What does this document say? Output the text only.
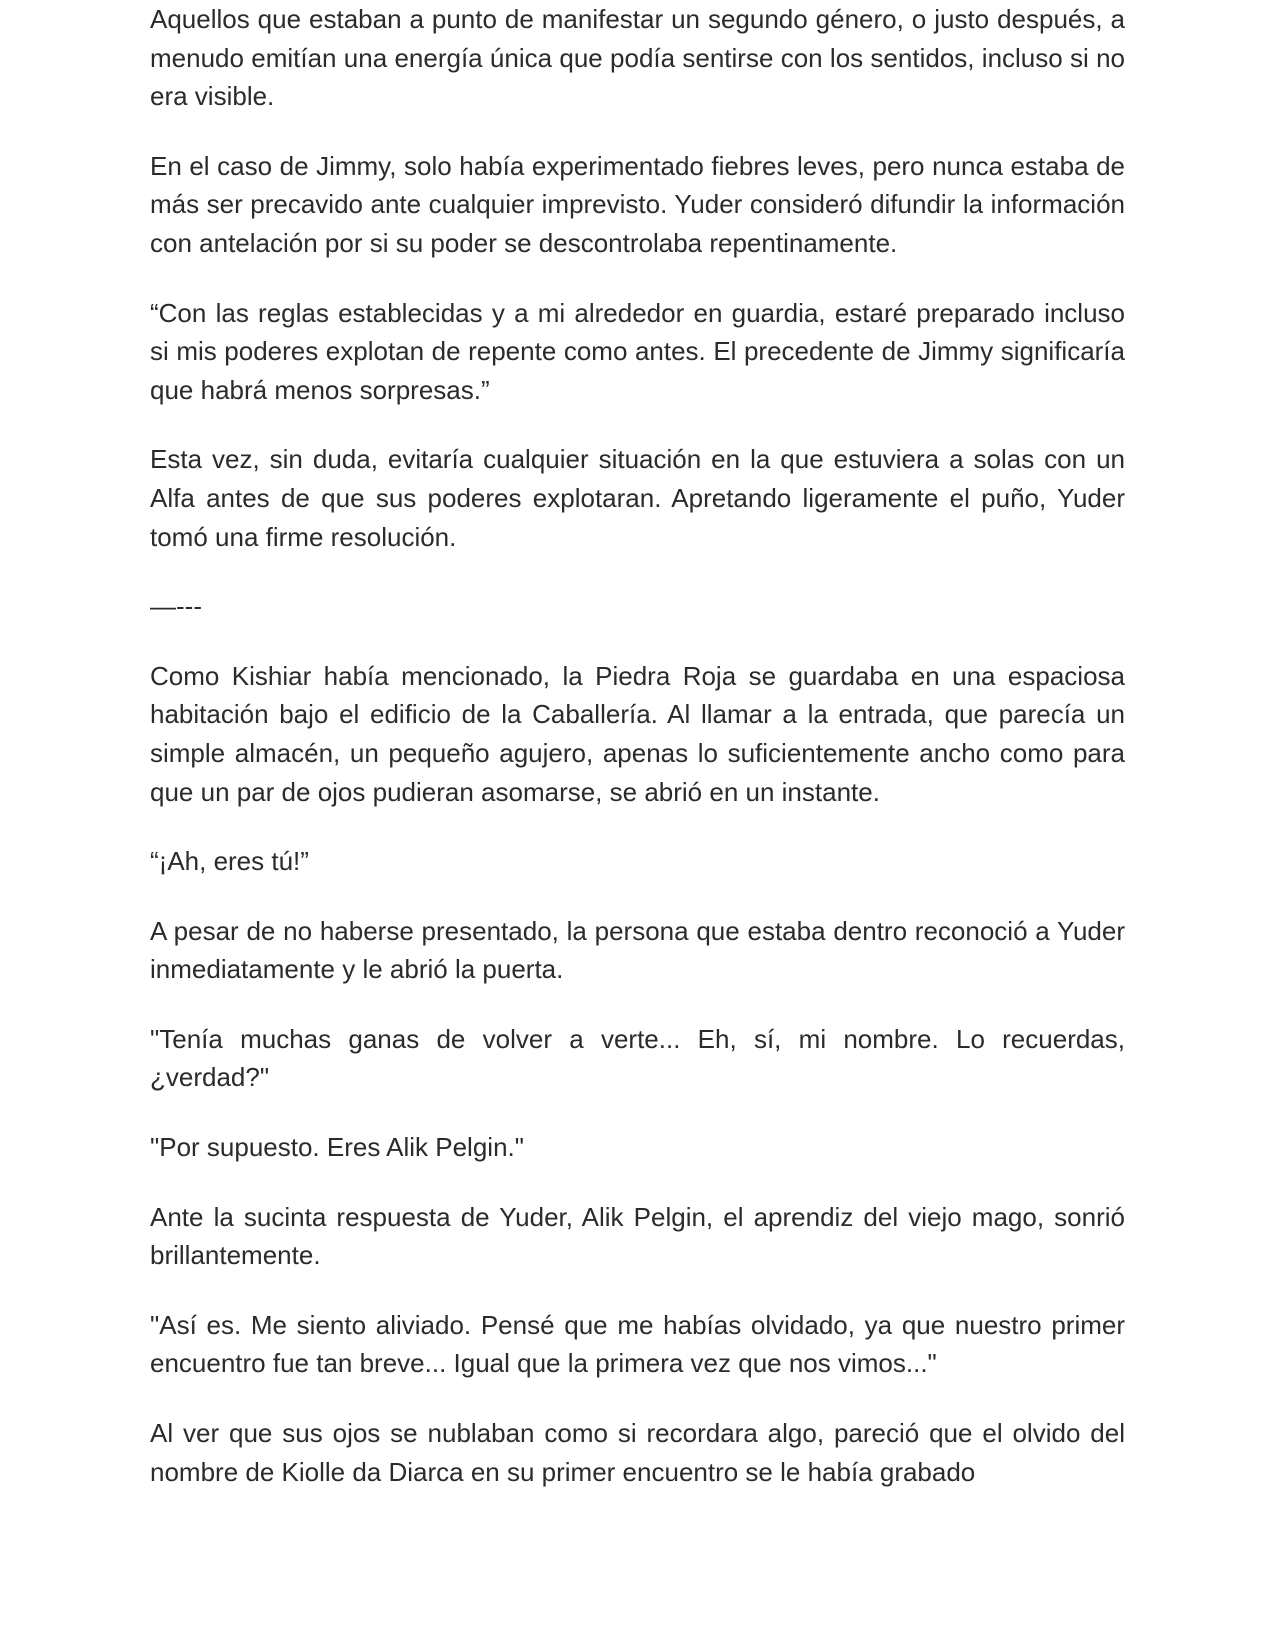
Aquellos que estaban a punto de manifestar un segundo género, o justo después, a menudo emitían una energía única que podía sentirse con los sentidos, incluso si no era visible.

En el caso de Jimmy, solo había experimentado fiebres leves, pero nunca estaba de más ser precavido ante cualquier imprevisto. Yuder consideró difundir la información con antelación por si su poder se descontrolaba repentinamente.

“Con las reglas establecidas y a mi alrededor en guardia, estaré preparado incluso si mis poderes explotan de repente como antes. El precedente de Jimmy significaría que habrá menos sorpresas.”

Esta vez, sin duda, evitaría cualquier situación en la que estuviera a solas con un Alfa antes de que sus poderes explotaran. Apretando ligeramente el puño, Yuder tomó una firme resolución.

—---

Como Kishiar había mencionado, la Piedra Roja se guardaba en una espaciosa habitación bajo el edificio de la Caballería. Al llamar a la entrada, que parecía un simple almacén, un pequeño agujero, apenas lo suficientemente ancho como para que un par de ojos pudieran asomarse, se abrió en un instante.

“¡Ah, eres tú!”

A pesar de no haberse presentado, la persona que estaba dentro reconoció a Yuder inmediatamente y le abrió la puerta.

"Tenía muchas ganas de volver a verte... Eh, sí, mi nombre. Lo recuerdas, ¿verdad?"

"Por supuesto. Eres Alik Pelgin."

Ante la sucinta respuesta de Yuder, Alik Pelgin, el aprendiz del viejo mago, sonrió brillantemente.

"Así es. Me siento aliviado. Pensé que me habías olvidado, ya que nuestro primer encuentro fue tan breve... Igual que la primera vez que nos vimos..."

Al ver que sus ojos se nublaban como si recordara algo, pareció que el olvido del nombre de Kiolle da Diarca en su primer encuentro se le había grabado
